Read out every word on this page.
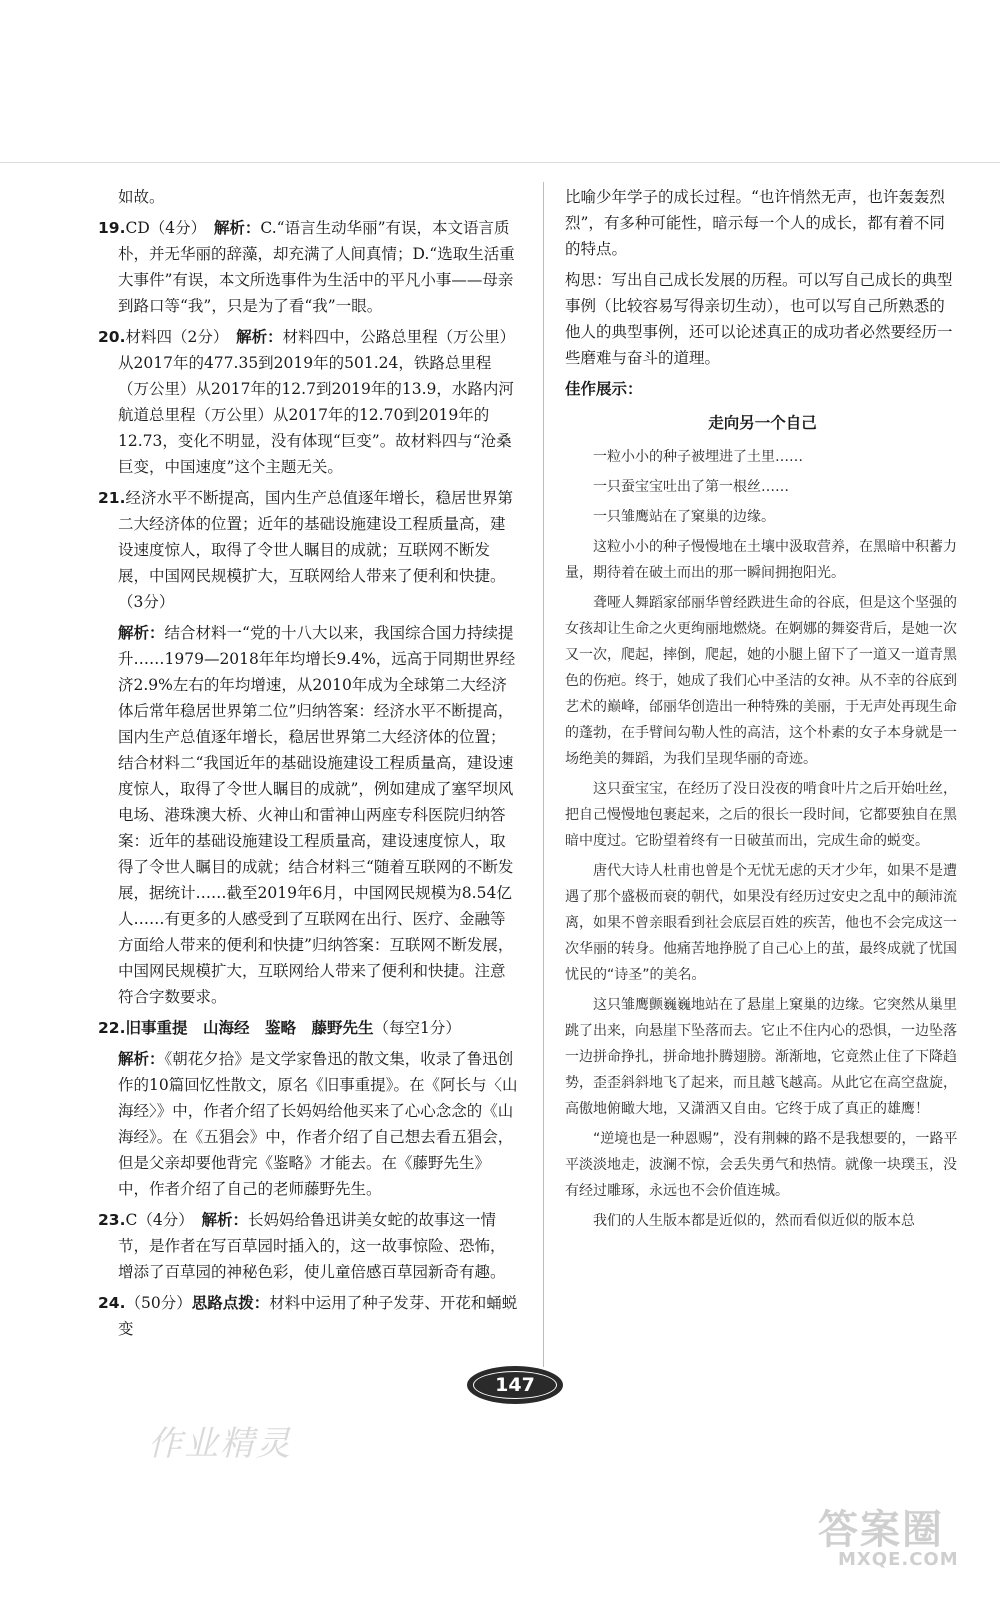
如故。

19.CD（4分）　 解析：C.“语言生动华丽”有误，本文语言质朴，并无华丽的辞藻，却充满了人间真情；D.“选取生活重大事件”有误，本文所选事件为生活中的平凡小事——母亲到路口等“我”，只是为了看“我”一眼。

20.材料四（2分）　 解析：材料四中，公路总里程（万公里）从2017年的477.35到2019年的501.24，铁路总里程（万公里）从2017年的12.7到2019年的13.9，水路内河航道总里程（万公里）从2017年的12.70到2019年的12.73，变化不明显，没有体现“巨变”。故材料四与“沧桑巨变，中国速度”这个主题无关。

21.经济水平不断提高，国内生产总值逐年增长，稳居世界第二大经济体的位置；近年的基础设施建设工程质量高，建设速度惊人，取得了令世人瞩目的成就；互联网不断发展，中国网民规模扩大，互联网给人带来了便利和快捷。（3分）

解析：结合材料一“党的十八大以来，我国综合国力持续提升……1979—2018年年均增长9.4%，远高于同期世界经济2.9%左右的年均增速，从2010年成为全球第二大经济体后常年稳居世界第二位”归纳答案：经济水平不断提高，国内生产总值逐年增长，稳居世界第二大经济体的位置；结合材料二“我国近年的基础设施建设工程质量高，建设速度惊人，取得了令世人瞩目的成就”，例如建成了塞罕坝风电场、港珠澳大桥、火神山和雷神山两座专科医院归纳答案：近年的基础设施建设工程质量高，建设速度惊人，取得了令世人瞩目的成就；结合材料三“随着互联网的不断发展，据统计……截至2019年6月，中国网民规模为8.54亿人……有更多的人感受到了互联网在出行、医疗、金融等方面给人带来的便利和快捷”归纳答案：互联网不断发展，中国网民规模扩大，互联网给人带来了便利和快捷。注意符合字数要求。

22.旧事重提　山海经　鉴略　藤野先生（每空1分）

解析：《朝花夕拾》是文学家鲁迅的散文集，收录了鲁迅创作的10篇回忆性散文，原名《旧事重提》。在《阿长与〈山海经〉》中，作者介绍了长妈妈给他买来了心心念念的《山海经》。在《五猖会》中，作者介绍了自己想去看五猖会，但是父亲却要他背完《鉴略》才能去。在《藤野先生》中，作者介绍了自己的老师藤野先生。

23.C（4分）　 解析：长妈妈给鲁迅讲美女蛇的故事这一情节，是作者在写百草园时插入的，这一故事惊险、恐怖，增添了百草园的神秘色彩，使儿童倍感百草园新奇有趣。

24.（50分）思路点拨：材料中运用了种子发芽、开花和蛹蜕变

比喻少年学子的成长过程。“也许悄然无声，也许轰轰烈烈”，有多种可能性，暗示每一个人的成长，都有着不同的特点。

构思：写出自己成长发展的历程。可以写自己成长的典型事例（比较容易写得亲切生动），也可以写自己所熟悉的他人的典型事例，还可以论述真正的成功者必然要经历一些磨难与奋斗的道理。

佳作展示：

走向另一个自己

一粒小小的种子被埋进了土里……

一只蚕宝宝吐出了第一根丝……

一只雏鹰站在了窠巢的边缘。

这粒小小的种子慢慢地在土壤中汲取营养，在黑暗中积蓄力量，期待着在破土而出的那一瞬间拥抱阳光。

聋哑人舞蹈家邰丽华曾经跌进生命的谷底，但是这个坚强的女孩却让生命之火更绚丽地燃烧。在婀娜的舞姿背后，是她一次又一次，爬起，摔倒，爬起，她的小腿上留下了一道又一道青黑色的伤疤。终于，她成了我们心中圣洁的女神。从不幸的谷底到艺术的巅峰，邰丽华创造出一种特殊的美丽，于无声处再现生命的蓬勃，在手臂间勾勒人性的高洁，这个朴素的女子本身就是一场绝美的舞蹈，为我们呈现华丽的奇迹。

这只蚕宝宝，在经历了没日没夜的啃食叶片之后开始吐丝，把自己慢慢地包裹起来，之后的很长一段时间，它都要独自在黑暗中度过。它盼望着终有一日破茧而出，完成生命的蜕变。

唐代大诗人杜甫也曾是个无忧无虑的天才少年，如果不是遭遇了那个盛极而衰的朝代，如果没有经历过安史之乱中的颠沛流离，如果不曾亲眼看到社会底层百姓的疾苦，他也不会完成这一次华丽的转身。他痛苦地挣脱了自己心上的茧，最终成就了忧国忧民的“诗圣”的美名。

这只雏鹰颤巍巍地站在了悬崖上窠巢的边缘。它突然从巢里跳了出来，向悬崖下坠落而去。它止不住内心的恐惧，一边坠落一边拼命挣扎，拼命地扑腾翅膀。渐渐地，它竟然止住了下降趋势，歪歪斜斜地飞了起来，而且越飞越高。从此它在高空盘旋，高傲地俯瞰大地，又潇洒又自由。它终于成了真正的雄鹰！

“逆境也是一种恩赐”，没有荆棘的路不是我想要的，一路平平淡淡地走，波澜不惊，会丢失勇气和热情。就像一块璞玉，没有经过雕琢，永远也不会价值连城。

我们的人生版本都是近似的，然而看似近似的版本总

147
作业精灵
答案圈
MXQE.COM
